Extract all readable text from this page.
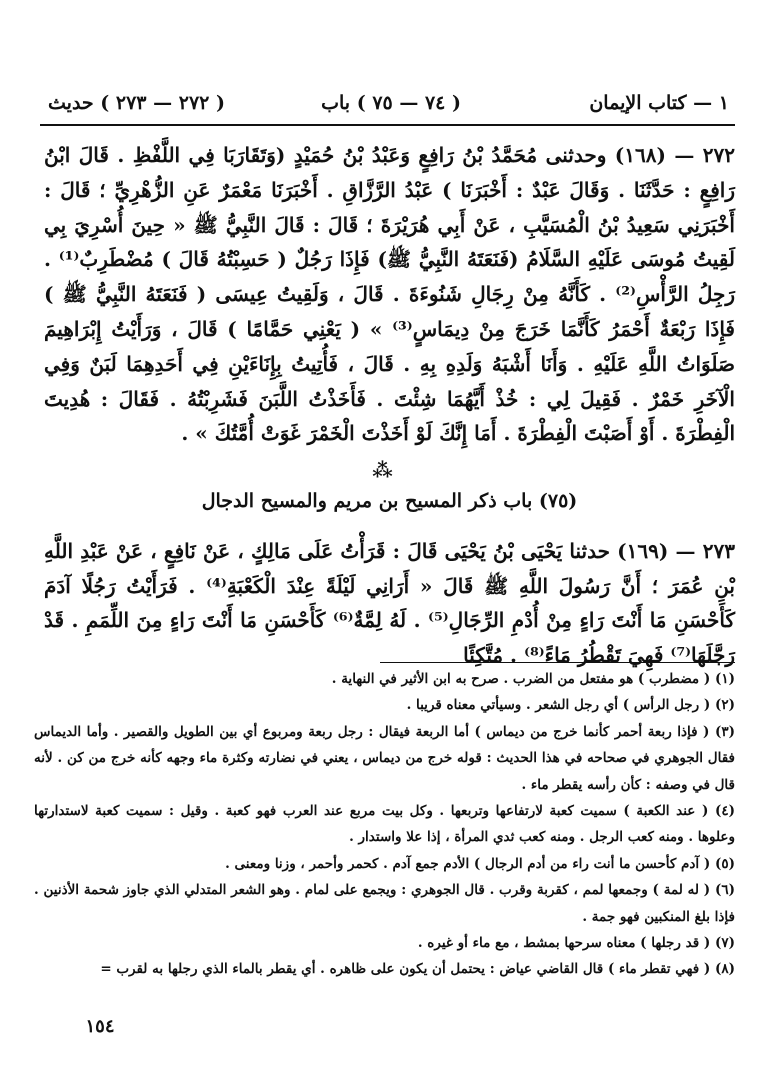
١ — كتاب الإيمان
( ٧٤ — ٧٥ ) باب
( ٢٧٢ — ٢٧٣ ) حديث

٢٧٢ — (١٦٨) وحدثنى مُحَمَّدُ بْنُ رَافِعٍ وَعَبْدُ بْنُ حُمَيْدٍ (وَتَقَارَبَا فِي اللَّفْظِ . قَالَ ابْنُ رَافِعٍ : حَدَّثَنَا . وَقَالَ عَبْدٌ : أَخْبَرَنَا ) عَبْدُ الرَّزَّاقِ . أَخْبَرَنَا مَعْمَرٌ عَنِ الزُّهْرِيِّ ؛ قَالَ : أَخْبَرَنِي سَعِيدُ بْنُ الْمُسَيَّبِ ، عَنْ أَبِي هُرَيْرَةَ ؛ قَالَ : قَالَ النَّبِيُّ ﷺ « حِينَ أُسْرِيَ بِي لَقِيتُ مُوسَى عَلَيْهِ السَّلَامُ (فَنَعَتَهُ النَّبِيُّ ﷺ) فَإِذَا رَجُلٌ ( حَسِبْتُهُ قَالَ ) مُضْطَرِبٌ⁽¹⁾ . رَجِلُ الرَّأْسِ⁽²⁾ . كَأَنَّهُ مِنْ رِجَالِ شَنُوءَةَ . قَالَ ، وَلَقِيتُ عِيسَى ( فَنَعَتَهُ النَّبِيُّ ﷺ ) فَإِذَا رَبْعَةٌ أَحْمَرُ كَأَنَّمَا خَرَجَ مِنْ دِيمَاسٍ⁽³⁾ » ( يَعْنِي حَمَّامًا ) قَالَ ، وَرَأَيْتُ إِبْرَاهِيمَ صَلَوَاتُ اللَّهِ عَلَيْهِ . وَأَنَا أَشْبَهُ وَلَدِهِ بِهِ . قَالَ ، فَأُتِيتُ بِإِنَاءَيْنِ فِي أَحَدِهِمَا لَبَنٌ وَفِي الْآخَرِ خَمْرٌ . فَقِيلَ لِي : خُذْ أَيَّهُمَا شِئْتَ . فَأَخَذْتُ اللَّبَنَ فَشَرِبْتُهُ . فَقَالَ : هُدِيتَ الْفِطْرَةَ . أَوْ أَصَبْتَ الْفِطْرَةَ . أَمَا إِنَّكَ لَوْ أَخَذْتَ الْخَمْرَ غَوَتْ أُمَّتُكَ » .

⁂
(٧٥) باب ذكر المسيح بن مريم والمسيح الدجال

٢٧٣ — (١٦٩) حدثنا يَحْيَى بْنُ يَحْيَى قَالَ : قَرَأْتُ عَلَى مَالِكٍ ، عَنْ نَافِعٍ ، عَنْ عَبْدِ اللَّهِ بْنِ عُمَرَ ؛ أَنَّ رَسُولَ اللَّهِ ﷺ قَالَ « أَرَانِي لَيْلَةً عِنْدَ الْكَعْبَةِ⁽⁴⁾ . فَرَأَيْتُ رَجُلًا آدَمَ كَأَحْسَنِ مَا أَنْتَ رَاءٍ مِنْ أُدْمِ الرِّجَالِ⁽⁵⁾ . لَهُ لِمَّةٌ⁽⁶⁾ كَأَحْسَنِ مَا أَنْتَ رَاءٍ مِنَ اللِّمَمِ . قَدْ رَجَّلَهَا⁽⁷⁾ فَهِيَ تَقْطُرُ مَاءً⁽⁸⁾ . مُتَّكِئًا

(١) ( مضطرب ) هو مفتعل من الضرب . صرح به ابن الأثير في النهاية .

(٢) ( رجل الرأس ) أي رجل الشعر . وسيأتي معناه قريبا .

(٣) ( فإذا ربعة أحمر كأنما خرج من ديماس ) أما الربعة فيقال : رجل ربعة ومربوع أي بين الطويل والقصير . وأما الديماس فقال الجوهري في صحاحه في هذا الحديث : قوله خرج من ديماس ، يعني في نضارته وكثرة ماء وجهه كأنه خرج من كن . لأنه قال في وصفه : كأن رأسه يقطر ماء .

(٤) ( عند الكعبة ) سميت كعبة لارتفاعها وتربعها . وكل بيت مربع عند العرب فهو كعبة . وقيل : سميت كعبة لاستدارتها وعلوها . ومنه كعب الرجل . ومنه كعب ثدي المرأة ، إذا علا واستدار .

(٥) ( آدم كأحسن ما أنت راء من أدم الرجال ) الأدم جمع آدم . كحمر وأحمر ، وزنا ومعنى .

(٦) ( له لمة ) وجمعها لمم ، كقربة وقرب . قال الجوهري : ويجمع على لمام . وهو الشعر المتدلي الذي جاوز شحمة الأذنين . فإذا بلغ المنكبين فهو جمة .

(٧) ( قد رجلها ) معناه سرحها بمشط ، مع ماء أو غيره .

(٨) ( فهي تقطر ماء ) قال القاضي عياض : يحتمل أن يكون على ظاهره . أي يقطر بالماء الذي رجلها به لقرب =

١٥٤
